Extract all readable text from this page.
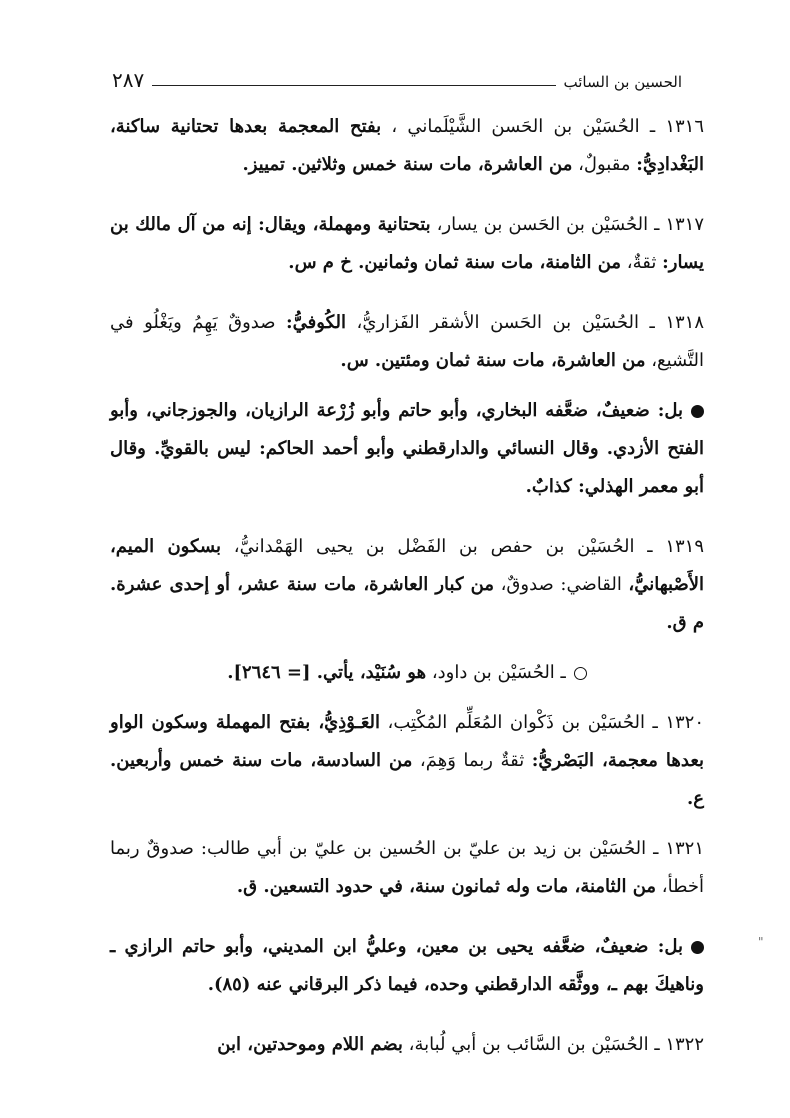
٢٨٧	الحسين بن السائب

١٣١٦ ـ الحُسَيْن بن الحَسن الشَّيْلَماني ، بفتح المعجمة بعدها تحتانية ساكنة، البَغْدادِيُّ: مقبولٌ، من العاشرة، مات سنة خمس وثلاثين. تمييز.

١٣١٧ ـ الحُسَيْن بن الحَسن بن يسار، بتحتانية ومهملة، ويقال: إنه من آل مالك بن يسار: ثقةٌ، من الثامنة، مات سنة ثمان وثمانين. خ م س.

١٣١٨ ـ الحُسَيْن بن الحَسن الأشقر الفَزاريُّ، الكُوفيُّ: صدوقٌ يَهِمُ ويَغْلُو في التَّشيع، من العاشرة، مات سنة ثمان ومئتين. س.

بل: ضعيفٌ، ضعَّفه البخاري، وأبو حاتم وأبو زُرْعة الرازيان، والجوزجاني، وأبو الفتح الأزدي. وقال النسائي والدارقطني وأبو أحمد الحاكم: ليس بالقويِّ. وقال أبو معمر الهذلي: كذابٌ.

١٣١٩ ـ الحُسَيْن بن حفص بن الفَضْل بن يحيى الهَمْدانيُّ، بسكون الميم، الأَصْبهانيُّ، القاضي: صدوقٌ، من كبار العاشرة، مات سنة عشر، أو إحدى عشرة. م ق.

ـ الحُسَيْن بن داود، هو سُنَيْد، يأتي. [= ٢٦٤٦].

١٣٢٠ ـ الحُسَيْن بن ذَكْوان المُعَلِّم المُكْتِب، العَـوْذِيُّ، بفتح المهملة وسكون الواو بعدها معجمة، البَصْريُّ: ثقةٌ ربما وَهِمَ، من السادسة، مات سنة خمس وأربعين. ع.

١٣٢١ ـ الحُسَيْن بن زيد بن عليّ بن الحُسين بن عليّ بن أبي طالب: صدوقٌ ربما أخطأ، من الثامنة، مات وله ثمانون سنة، في حدود التسعين. ق.

بل: ضعيفٌ، ضعَّفه يحيى بن معين، وعليُّ ابن المديني، وأبو حاتم الرازي ـ وناهيكَ بهم ـ، ووثَّقه الدارقطني وحده، فيما ذكر البرقاني عنه (٨٥).

١٣٢٢ ـ الحُسَيْن بن السَّائب بن أبي لُبابة، بضم اللام وموحدتين، ابن

"
